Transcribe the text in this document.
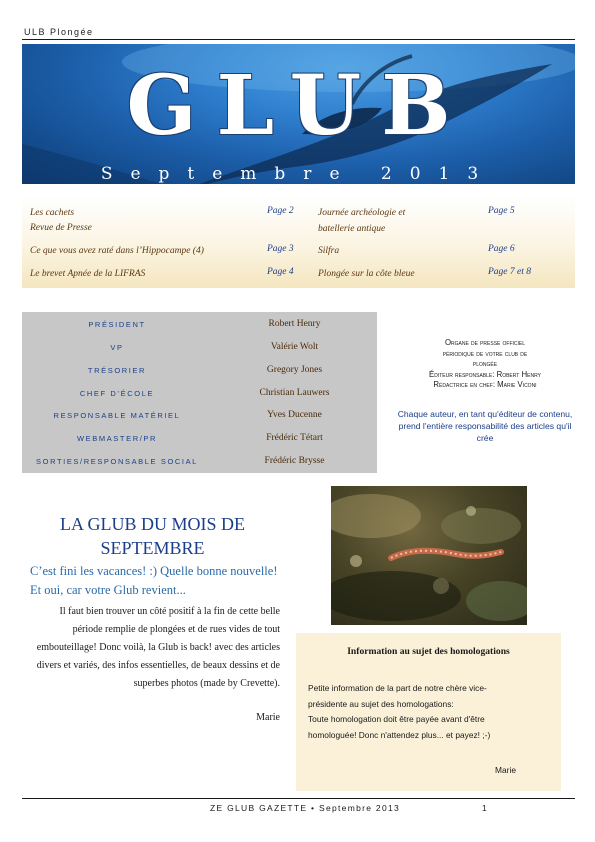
ULB Plongée
GLUB
Septembre 2013
Les cachets	Page 2
Revue de Presse
Ce que vous avez raté dans l’Hippocampe (4)	Page 3
Le brevet Apnée de la LIFRAS	Page 4
Journée archéologie et	Page 5
batellerie antique
Silfra	Page 6
Plongée sur la côte bleue	Page 7 et 8
PRÉSIDENT	Robert Henry
VP	Valérie Wolt
TRÉSORIER	Gregory Jones
CHEF D’ÉCOLE	Christian Lauwers
RESPONSABLE MATÉRIEL	Yves Ducenne
WEBMASTER/PR	Frédéric Tétart
SORTIES/RESPONSABLE SOCIAL	Frédéric Brysse
Organe de presse officiel
périodique de votre club de
plongée
Éditeur responsable: Robert Henry
Rédactrice en chef: Marie Viconi
Chaque auteur, en tant qu'éditeur de contenu, prend l'entière responsabilité des articles qu'il crée
LA GLUB DU MOIS DE SEPTEMBRE
C’est fini les vacances! :) Quelle bonne nouvelle! Et oui, car votre Glub revient...
Il faut bien trouver un côté positif à la fin de cette belle période remplie de plongées et de rues vides de tout embouteillage! Donc voilà, la Glub is back! avec des articles divers et variés, des infos essentielles, de beaux dessins et de superbes photos (made by Crevette).
Marie
Information au sujet des homologations
Petite information de la part de notre chère vice-
présidente au sujet des homologations:
Toute homologation doit être payée avant d'être
homologuée! Donc n'attendez plus... et payez! ;-)
Marie
ZE GLUB GAZETTE • Septembre 2013	1
